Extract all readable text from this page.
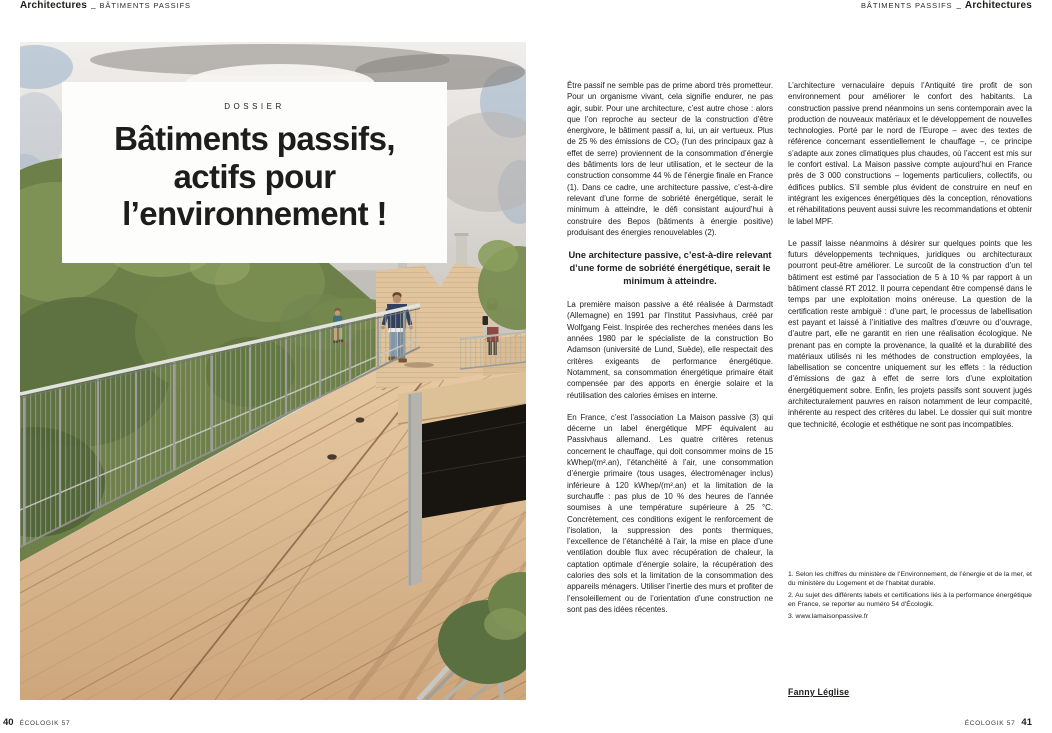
Architectures _ BÂTIMENTS PASSIFS	BÂTIMENTS PASSIFS _ Architectures
DOSSIER
Bâtiments passifs,
actifs pour
l’environnement !

Être passif ne semble pas de prime abord très prometteur. Pour un organisme vivant, cela signifie endurer, ne pas agir, subir. Pour une architecture, c’est autre chose : alors que l’on reproche au secteur de la construction d’être énergivore, le bâtiment passif a, lui, un air vertueux. Plus de 25 % des émissions de CO₂ (l’un des principaux gaz à effet de serre) proviennent de la consommation d’énergie des bâtiments lors de leur utilisation, et le secteur de la construction consomme 44 % de l’énergie finale en France (1). Dans ce cadre, une architecture passive, c’est-à-dire relevant d’une forme de sobriété énergétique, serait le minimum à atteindre, le défi consistant aujourd’hui à construire des Bepos (bâtiments à énergie positive) produisant des énergies renouvelables (2).

Une architecture passive, c’est-à-dire relevant d’une forme de sobriété énergétique, serait le minimum à atteindre.

La première maison passive a été réalisée à Darmstadt (Allemagne) en 1991 par l’Institut Passivhaus, créé par Wolfgang Feist. Inspirée des recherches menées dans les années 1980 par le spécialiste de la construction Bo Adamson (université de Lund, Suède), elle respectait des critères exigeants de performance énergétique. Notamment, sa consommation énergétique primaire était compensée par des apports en énergie solaire et la réutilisation des calories émises en interne.

En France, c’est l’association La Maison passive (3) qui décerne un label énergétique MPF équivalent au Passivhaus allemand. Les quatre critères retenus concernent le chauffage, qui doit consommer moins de 15 kWhep/(m².an), l’étanchéité à l’air, une consommation d’énergie primaire (tous usages, électroménager inclus) inférieure à 120 kWhep/(m².an) et la limitation de la surchauffe : pas plus de 10 % des heures de l’année soumises à une température supérieure à 25 °C. Concrètement, ces conditions exigent le renforcement de l’isolation, la suppression des ponts thermiques, l’excellence de l’étanchéité à l’air, la mise en place d’une ventilation double flux avec récupération de chaleur, la captation optimale d’énergie solaire, la récupération des calories des sols et la limitation de la consommation des appareils ménagers. Utiliser l’inertie des murs et profiter de l’ensoleillement ou de l’orientation d’une construction ne sont pas des idées récentes.

L’architecture vernaculaire depuis l’Antiquité tire profit de son environnement pour améliorer le confort des habitants. La construction passive prend néanmoins un sens contemporain avec la production de nouveaux matériaux et le développement de nouvelles technologies. Porté par le nord de l’Europe – avec des textes de référence concernant essentiellement le chauffage –, ce principe s’adapte aux zones climatiques plus chaudes, où l’accent est mis sur le confort estival. La Maison passive compte aujourd’hui en France près de 3 000 constructions – logements particuliers, collectifs, ou édifices publics. S’il semble plus évident de construire en neuf en intégrant les exigences énergétiques dès la conception, rénovations et réhabilitations peuvent aussi suivre les recommandations et obtenir le label MPF.

Le passif laisse néanmoins à désirer sur quelques points que les futurs développements techniques, juridiques ou architecturaux pourront peut-être améliorer. Le surcoût de la construction d’un tel bâtiment est estimé par l’association de 5 à 10 % par rapport à un bâtiment classé RT 2012. Il pourra cependant être compensé dans le temps par une exploitation moins onéreuse. La question de la certification reste ambiguë : d’une part, le processus de labellisation est payant et laissé à l’initiative des maîtres d’œuvre ou d’ouvrage, d’autre part, elle ne garantit en rien une réalisation écologique. Ne prenant pas en compte la provenance, la qualité et la durabilité des matériaux utilisés ni les méthodes de construction employées, la labellisation se concentre uniquement sur les effets : la réduction d’émissions de gaz à effet de serre lors d’une exploitation énergétiquement sobre. Enfin, les projets passifs sont souvent jugés architecturalement pauvres en raison notamment de leur compacité, inhérente au respect des critères du label. Le dossier qui suit montre que technicité, écologie et esthétique ne sont pas incompatibles.

1. Selon les chiffres du ministère de l’Environnement, de l’énergie et de la mer, et du ministère du Logement et de l’habitat durable.

2. Au sujet des différents labels et certifications liés à la performance énergétique en France, se reporter au numéro 54 d’Écologik.

3. www.lamaisonpassive.fr

Fanny Léglise
40 ÉCOLOGIK 57	ÉCOLOGIK 57 41
